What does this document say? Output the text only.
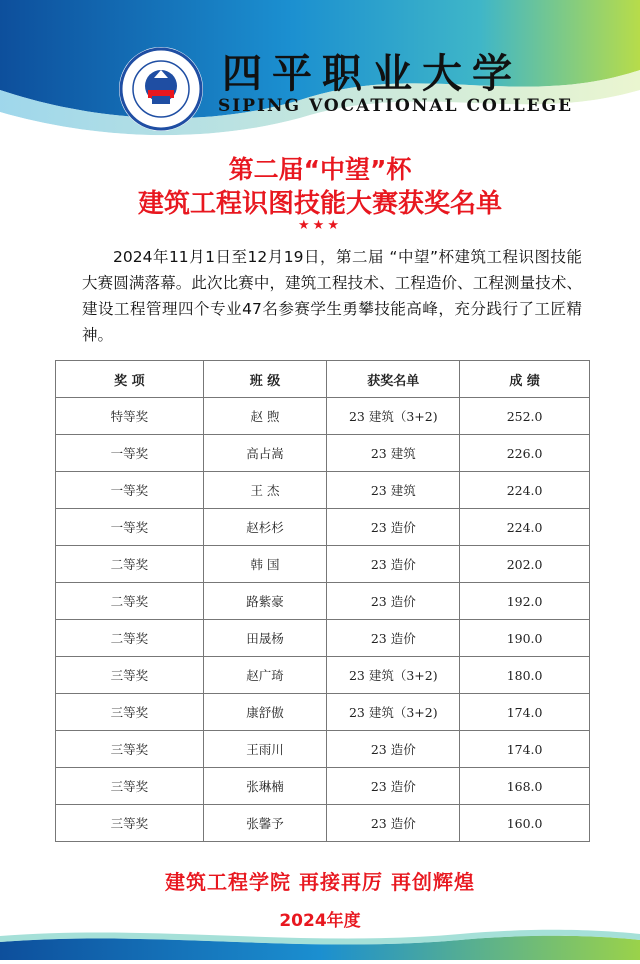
四平职业大学
SIPING VOCATIONAL COLLEGE
第二届“中望”杯
建筑工程识图技能大赛获奖名单
★★★
2024年11月1日至12月19日，第二届 “中望”杯建筑工程识图技能大赛圆满落幕。此次比赛中，建筑工程技术、工程造价、工程测量技术、建设工程管理四个专业47名参赛学生勇攀技能高峰，充分践行了工匠精神。
奖 项	班 级	获奖名单	成 绩
特等奖	赵 煦	23 建筑（3+2)	252.0
一等奖	高占嵩	23 建筑	226.0
一等奖	王 杰	23 建筑	224.0
一等奖	赵杉杉	23 造价	224.0
二等奖	韩 国	23 造价	202.0
二等奖	路紫豪	23 造价	192.0
二等奖	田晟杨	23 造价	190.0
三等奖	赵广琦	23 建筑（3+2)	180.0
三等奖	康舒傲	23 建筑（3+2)	174.0
三等奖	王雨川	23 造价	174.0
三等奖	张琳楠	23 造价	168.0
三等奖	张馨予	23 造价	160.0
建筑工程学院 再接再厉 再创辉煌
2024年度
